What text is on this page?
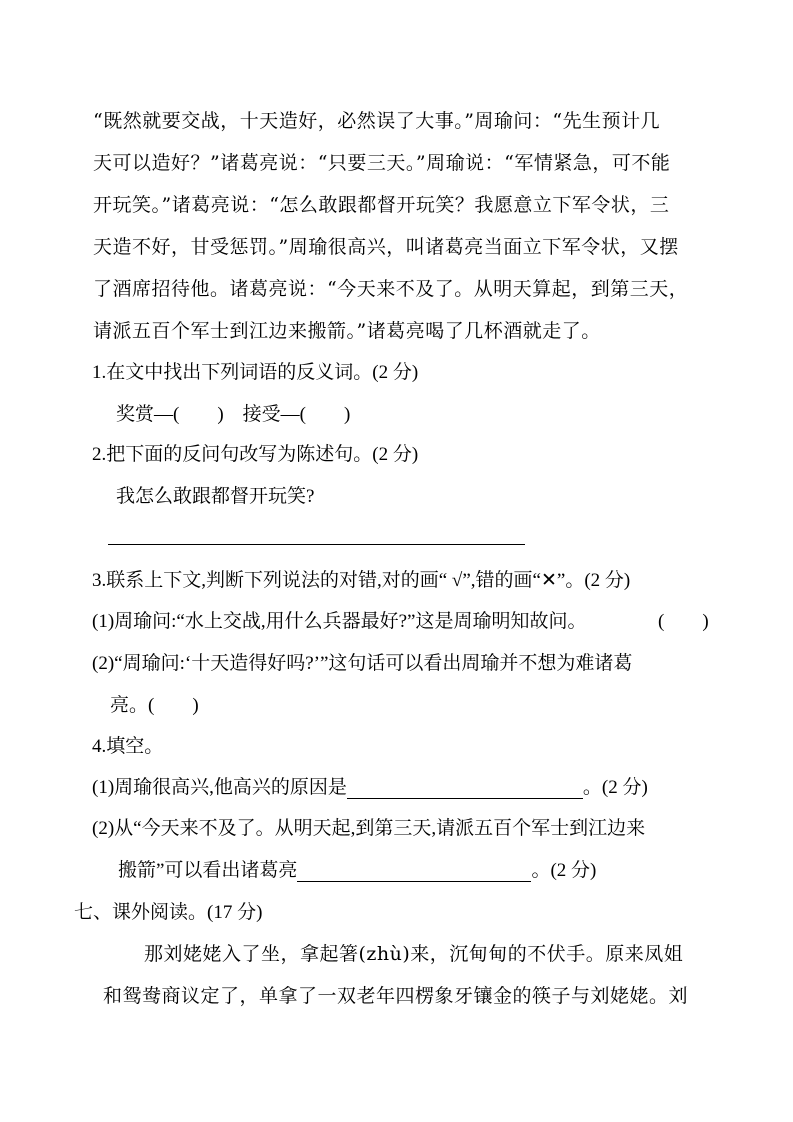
“既然就要交战，十天造好，必然误了大事。”周瑜问：“先生预计几
天可以造好？”诸葛亮说：“只要三天。”周瑜说：“军情紧急，可不能
开玩笑。”诸葛亮说：“怎么敢跟都督开玩笑？我愿意立下军令状，三
天造不好，甘受惩罚。”周瑜很高兴，叫诸葛亮当面立下军令状，又摆
了酒席招待他。诸葛亮说：“今天来不及了。从明天算起，到第三天，
请派五百个军士到江边来搬箭。”诸葛亮喝了几杯酒就走了。
1.在文中找出下列词语的反义词。(2 分)
奖赏—(　　)　接受—(　　)
2.把下面的反问句改写为陈述句。(2 分)
我怎么敢跟都督开玩笑?
3.联系上下文,判断下列说法的对错,对的画“ √”,错的画“✕”。(2 分)
(1)周瑜问:“水上交战,用什么兵器最好?”这是周瑜明知故问。	(　　)
(2)“周瑜问:‘十天造得好吗?’”这句话可以看出周瑜并不想为难诸葛
亮。(　　)
4.填空。
(1)周瑜很高兴,他高兴的原因是	。(2 分)
(2)从“今天来不及了。从明天起,到第三天,请派五百个军士到江边来
搬箭”可以看出诸葛亮	。(2 分)
七、课外阅读。(17 分)
那刘姥姥入了坐，拿起箸(zhù)来，沉甸甸的不伏手。原来凤姐
和鸳鸯商议定了，单拿了一双老年四楞象牙镶金的筷子与刘姥姥。刘
